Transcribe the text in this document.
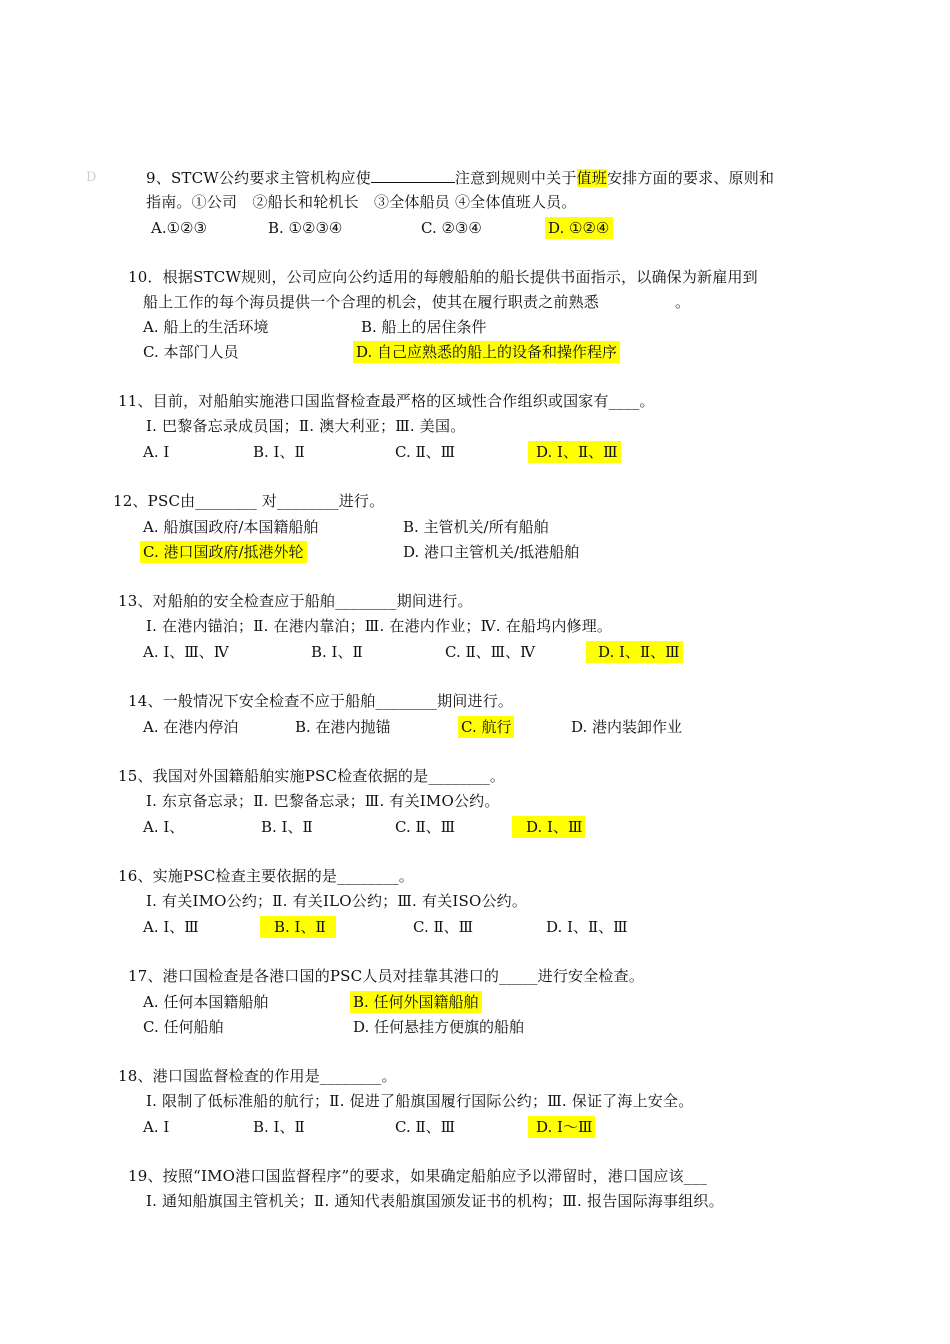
D	9、STCW公约要求主管机构应使	注意到规则中关于值班安排方面的要求、原则和
指南。①公司　②船长和轮机长　③全体船员 ④全体值班人员。
A.①②③	B. ①②③④	C. ②③④	D. ①②④
10．根据STCW规则，公司应向公约适用的每艘船舶的船长提供书面指示，以确保为新雇用到
船上工作的每个海员提供一个合理的机会，使其在履行职责之前熟悉　　　　　。
A. 船上的生活环境	B. 船上的居住条件
C. 本部门人员	D. 自己应熟悉的船上的设备和操作程序
11、目前，对船舶实施港口国监督检查最严格的区域性合作组织或国家有____。
Ⅰ. 巴黎备忘录成员国；Ⅱ. 澳大利亚；Ⅲ. 美国。
A. Ⅰ	B. Ⅰ、Ⅱ	C. Ⅱ、Ⅲ	D. Ⅰ、Ⅱ、Ⅲ
12、PSC由________ 对________进行。
A. 船旗国政府/本国籍船舶	B. 主管机关/所有船舶
C. 港口国政府/抵港外轮	D. 港口主管机关/抵港船舶
13、对船舶的安全检查应于船舶________期间进行。
Ⅰ. 在港内锚泊；Ⅱ. 在港内靠泊；Ⅲ. 在港内作业；Ⅳ. 在船坞内修理。
A. Ⅰ、Ⅲ、Ⅳ	B. Ⅰ、Ⅱ	C. Ⅱ、Ⅲ、Ⅳ	D. Ⅰ、Ⅱ、Ⅲ
14、一般情况下安全检查不应于船舶________期间进行。
A. 在港内停泊	B. 在港内抛锚	C. 航行	D. 港内装卸作业
15、我国对外国籍船舶实施PSC检查依据的是________。
Ⅰ. 东京备忘录；Ⅱ. 巴黎备忘录；Ⅲ. 有关IMO公约。
A. Ⅰ、	B. Ⅰ、Ⅱ	C. Ⅱ、Ⅲ	D. Ⅰ、Ⅲ
16、实施PSC检查主要依据的是________。
Ⅰ. 有关IMO公约；Ⅱ. 有关ILO公约；Ⅲ. 有关ISO公约。
A. Ⅰ、Ⅲ	B. Ⅰ、Ⅱ	C. Ⅱ、Ⅲ	D. Ⅰ、Ⅱ、Ⅲ
17、港口国检查是各港口国的PSC人员对挂靠其港口的_____进行安全检查。
A. 任何本国籍船舶	B. 任何外国籍船舶
C. 任何船舶	D. 任何悬挂方便旗的船舶
18、港口国监督检查的作用是________。
Ⅰ. 限制了低标准船的航行；Ⅱ. 促进了船旗国履行国际公约；Ⅲ. 保证了海上安全。
A. Ⅰ	B. Ⅰ、Ⅱ	C. Ⅱ、Ⅲ	D. Ⅰ～Ⅲ
19、按照“IMO港口国监督程序”的要求，如果确定船舶应予以滞留时，港口国应该___
Ⅰ. 通知船旗国主管机关；Ⅱ. 通知代表船旗国颁发证书的机构；Ⅲ. 报告国际海事组织。
